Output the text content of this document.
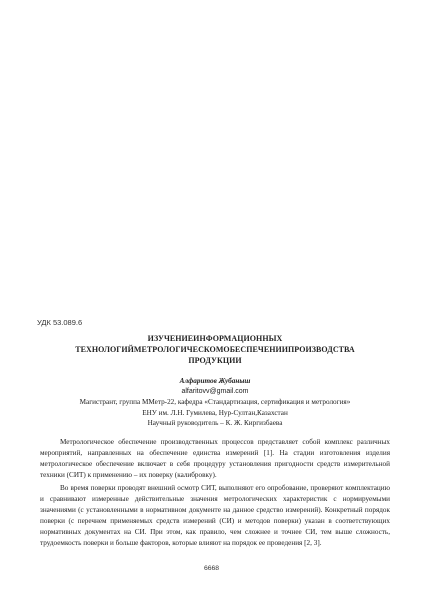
УДК 53.089.6
ИЗУЧЕНИЕИНФОРМАЦИОННЫХ
ТЕХНОЛОГИЙМЕТРОЛОГИЧЕСКОМОБЕСПЕЧЕНИИПРОИЗВОДСТВА
ПРОДУКЦИИ
Алфаритов Жубаныш
alfaritovv@gmail.com
Магистрант, группа ММетр-22, кафедра «Стандартизация, сертификация и метрология»
ЕНУ им. Л.Н. Гумилева, Нур-Султан,Казахстан
Научный руководитель – К. Ж. Киргизбаева

Метрологическое обеспечение производственных процессов представляет собой комплекс различных мероприятий, направленных на обеспечение единства измерений [1]. На стадии изготовления изделия метрологическое обеспечение включает в себя процедуру установления пригодности средств измерительной техники (СИТ) к применению – их поверку (калибровку).

Во время поверки проводят внешний осмотр СИТ, выполняют его опробование, проверяют комплектацию и сравнивают измеренные действительные значения метрологических характеристик с нормируемыми значениями (с установленными в нормативном документе на данное средство измерений). Конкретный порядок поверки (с перечнем применяемых средств измерений (СИ) и методов поверки) указан в соответствующих нормативных документах на СИ. При этом, как правило, чем сложнее и точнее СИ, тем выше сложность, трудоемкость поверки и больше факторов, которые влияют на порядок ее проведения [2, 3].

6668
